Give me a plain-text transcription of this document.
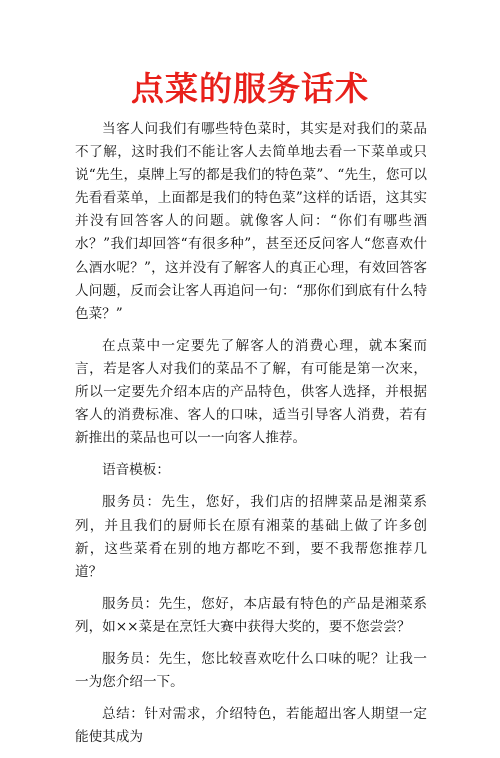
点菜的服务话术

当客人问我们有哪些特色菜时，其实是对我们的菜品不了解，这时我们不能让客人去简单地去看一下菜单或只说“先生，桌牌上写的都是我们的特色菜”、“先生，您可以先看看菜单，上面都是我们的特色菜”这样的话语，这其实并没有回答客人的问题。就像客人问：“你们有哪些酒水？”我们却回答“有很多种”，甚至还反问客人“您喜欢什么酒水呢？”，这并没有了解客人的真正心理，有效回答客人问题，反而会让客人再追问一句：“那你们到底有什么特色菜？”

在点菜中一定要先了解客人的消费心理，就本案而言，若是客人对我们的菜品不了解，有可能是第一次来，所以一定要先介绍本店的产品特色，供客人选择，并根据客人的消费标准、客人的口味，适当引导客人消费，若有新推出的菜品也可以一一向客人推荐。

语音模板：

服务员：先生，您好，我们店的招牌菜品是湘菜系列，并且我们的厨师长在原有湘菜的基础上做了许多创新，这些菜肴在别的地方都吃不到，要不我帮您推荐几道？

服务员：先生，您好，本店最有特色的产品是湘菜系列，如××菜是在烹饪大赛中获得大奖的，要不您尝尝？

服务员：先生，您比较喜欢吃什么口味的呢？让我一一为您介绍一下。

总结：针对需求，介绍特色，若能超出客人期望一定能使其成为
